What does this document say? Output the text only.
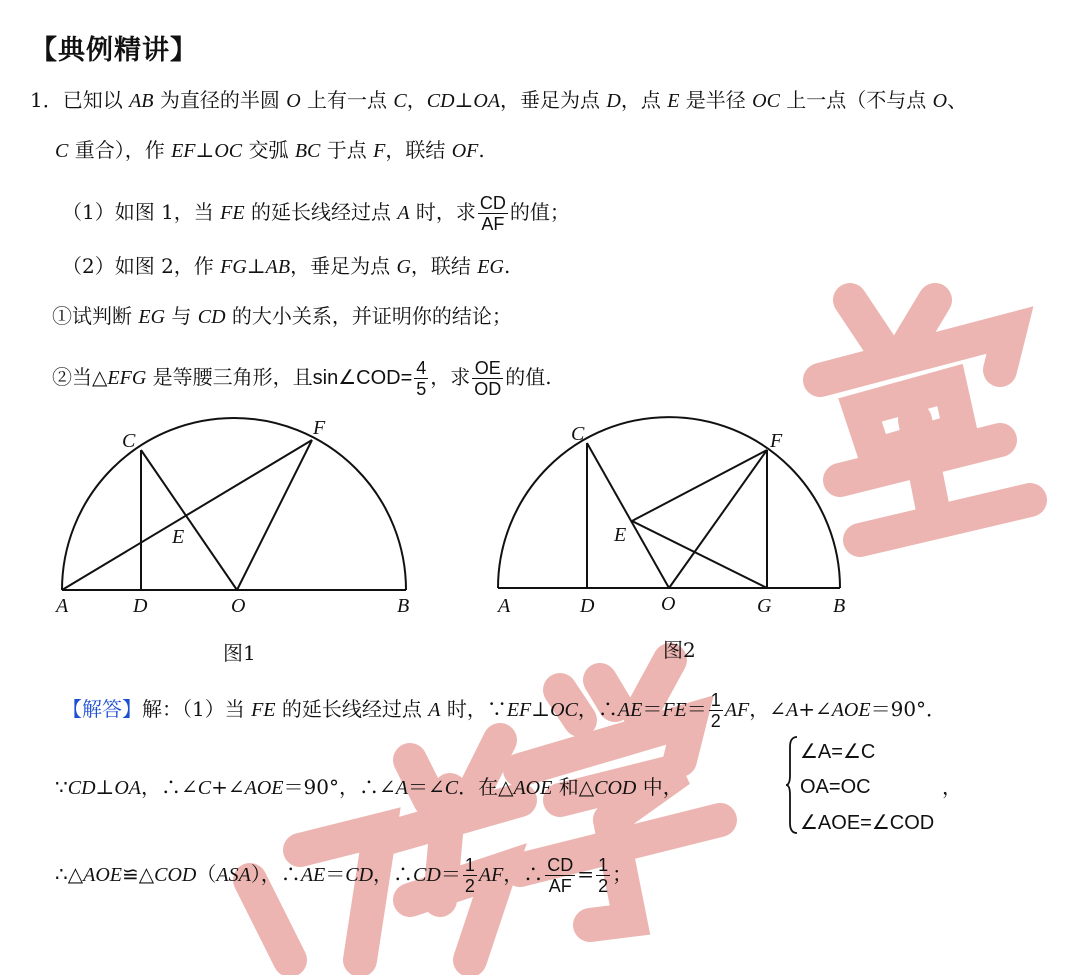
【典例精讲】
1．已知以 AB 为直径的半圆 O 上有一点 C，CD⊥OA，垂足为点 D，点 E 是半径 OC 上一点（不与点 O、
C 重合），作 EF⊥OC 交弧 BC 于点 F，联结 OF.
（1）如图 1，当 FE 的延长线经过点 A 时，求 $\frac{CD}{AF}$ 的值；
（2）如图 2，作 FG⊥AB，垂足为点 G，联结 EG.
①试判断 EG 与 CD 的大小关系，并证明你的结论；
②当△EFG 是等腰三角形，且sin∠COD= $\frac{4}{5}$ ，求 $\frac{OE}{OD}$ 的值.
A	D	O	B
C
E
F
A	D	O	G	B
C
E
F
图1	图2
【解答】解：（1）当 FE 的延长线经过点 A 时，∵EF⊥OC，∴AE＝FE＝ $\frac{1}{2}$ AF，∠A+∠AOE＝90°．
∵CD⊥OA，∴∠C+∠AOE＝90°，∴∠A＝∠C．在△AOE 和△COD 中，
∠A=∠C
OA=OC
∠AOE=∠COD
，
∴△AOE≌△COD（ASA），∴AE＝CD，∴CD＝ $\frac{1}{2}$ AF，∴ $\frac{CD}{AF} = \frac{1}{2}$ ；
